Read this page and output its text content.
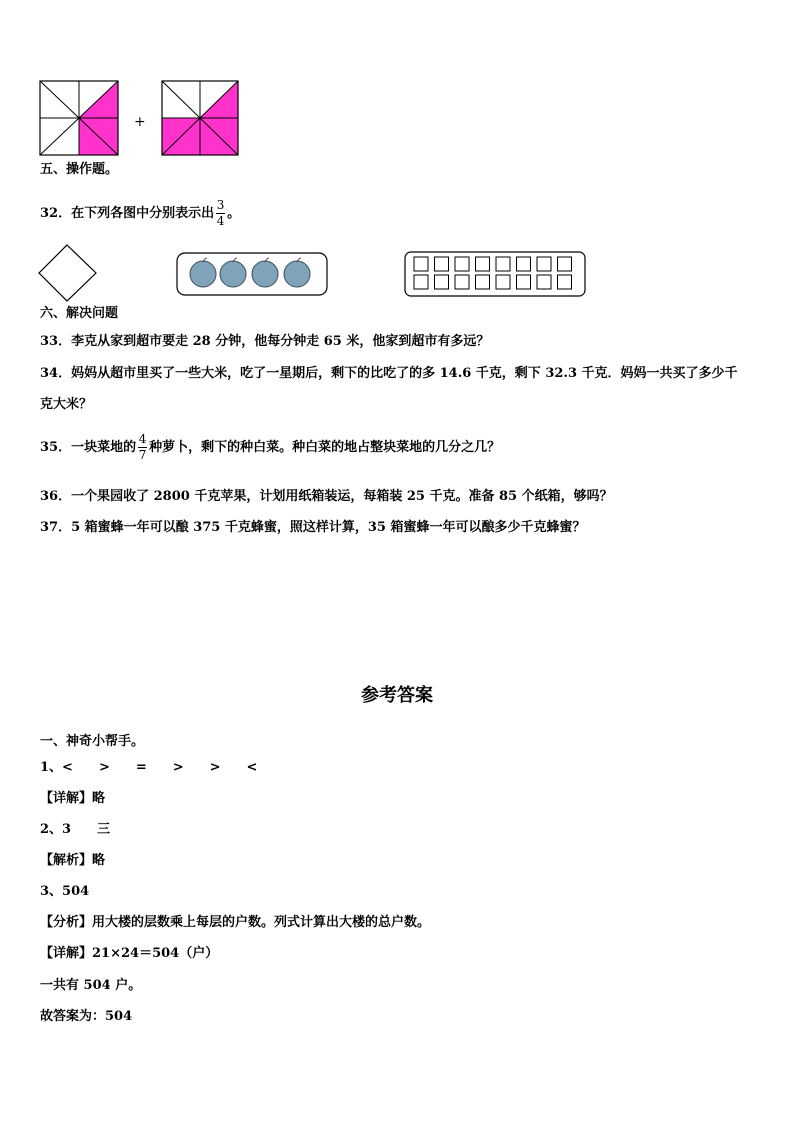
+
五、操作题。
32．在下列各图中分别表示出 $\frac{3}{4}$ 。
六、解决问题
33．李克从家到超市要走 28 分钟，他每分钟走 65 米，他家到超市有多远？
34．妈妈从超市里买了一些大米，吃了一星期后，剩下的比吃了的多 14.6 千克，剩下 32.3 千克．妈妈一共买了多少千
克大米？
35．一块菜地的 $\frac{4}{7}$ 种萝卜，剩下的种白菜。种白菜的地占整块菜地的几分之几？
36．一个果园收了 2800 千克苹果，计划用纸箱装运，每箱装 25 千克。准备 85 个纸箱，够吗？
37．5 箱蜜蜂一年可以酿 375 千克蜂蜜，照这样计算，35 箱蜜蜂一年可以酿多少千克蜂蜜？
参考答案
一、神奇小帮手。
1、<　　>　　=　　>　　>　　<
【详解】略
2、3　　三
【解析】略
3、504
【分析】用大楼的层数乘上每层的户数。列式计算出大楼的总户数。
【详解】21×24＝504（户）
一共有 504 户。
故答案为：504
